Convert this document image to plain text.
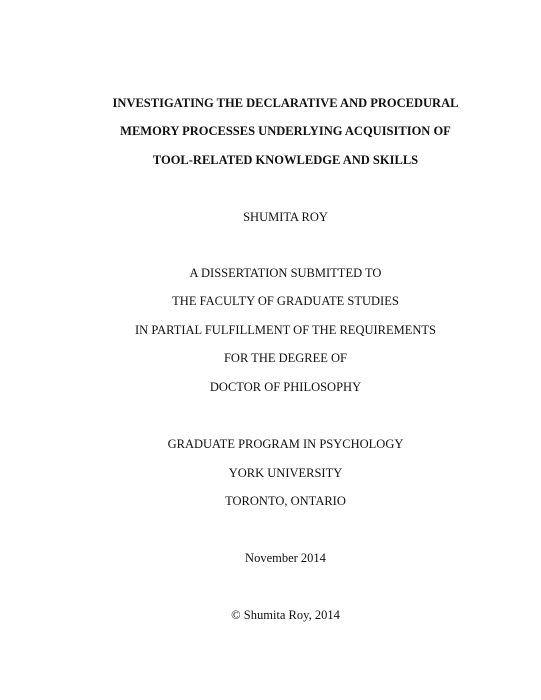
INVESTIGATING THE DECLARATIVE AND PROCEDURAL
MEMORY PROCESSES UNDERLYING ACQUISITION OF
TOOL-RELATED KNOWLEDGE AND SKILLS
SHUMITA ROY
A DISSERTATION SUBMITTED TO
THE FACULTY OF GRADUATE STUDIES
IN PARTIAL FULFILLMENT OF THE REQUIREMENTS
FOR THE DEGREE OF
DOCTOR OF PHILOSOPHY
GRADUATE PROGRAM IN PSYCHOLOGY
YORK UNIVERSITY
TORONTO, ONTARIO
November 2014
© Shumita Roy, 2014
